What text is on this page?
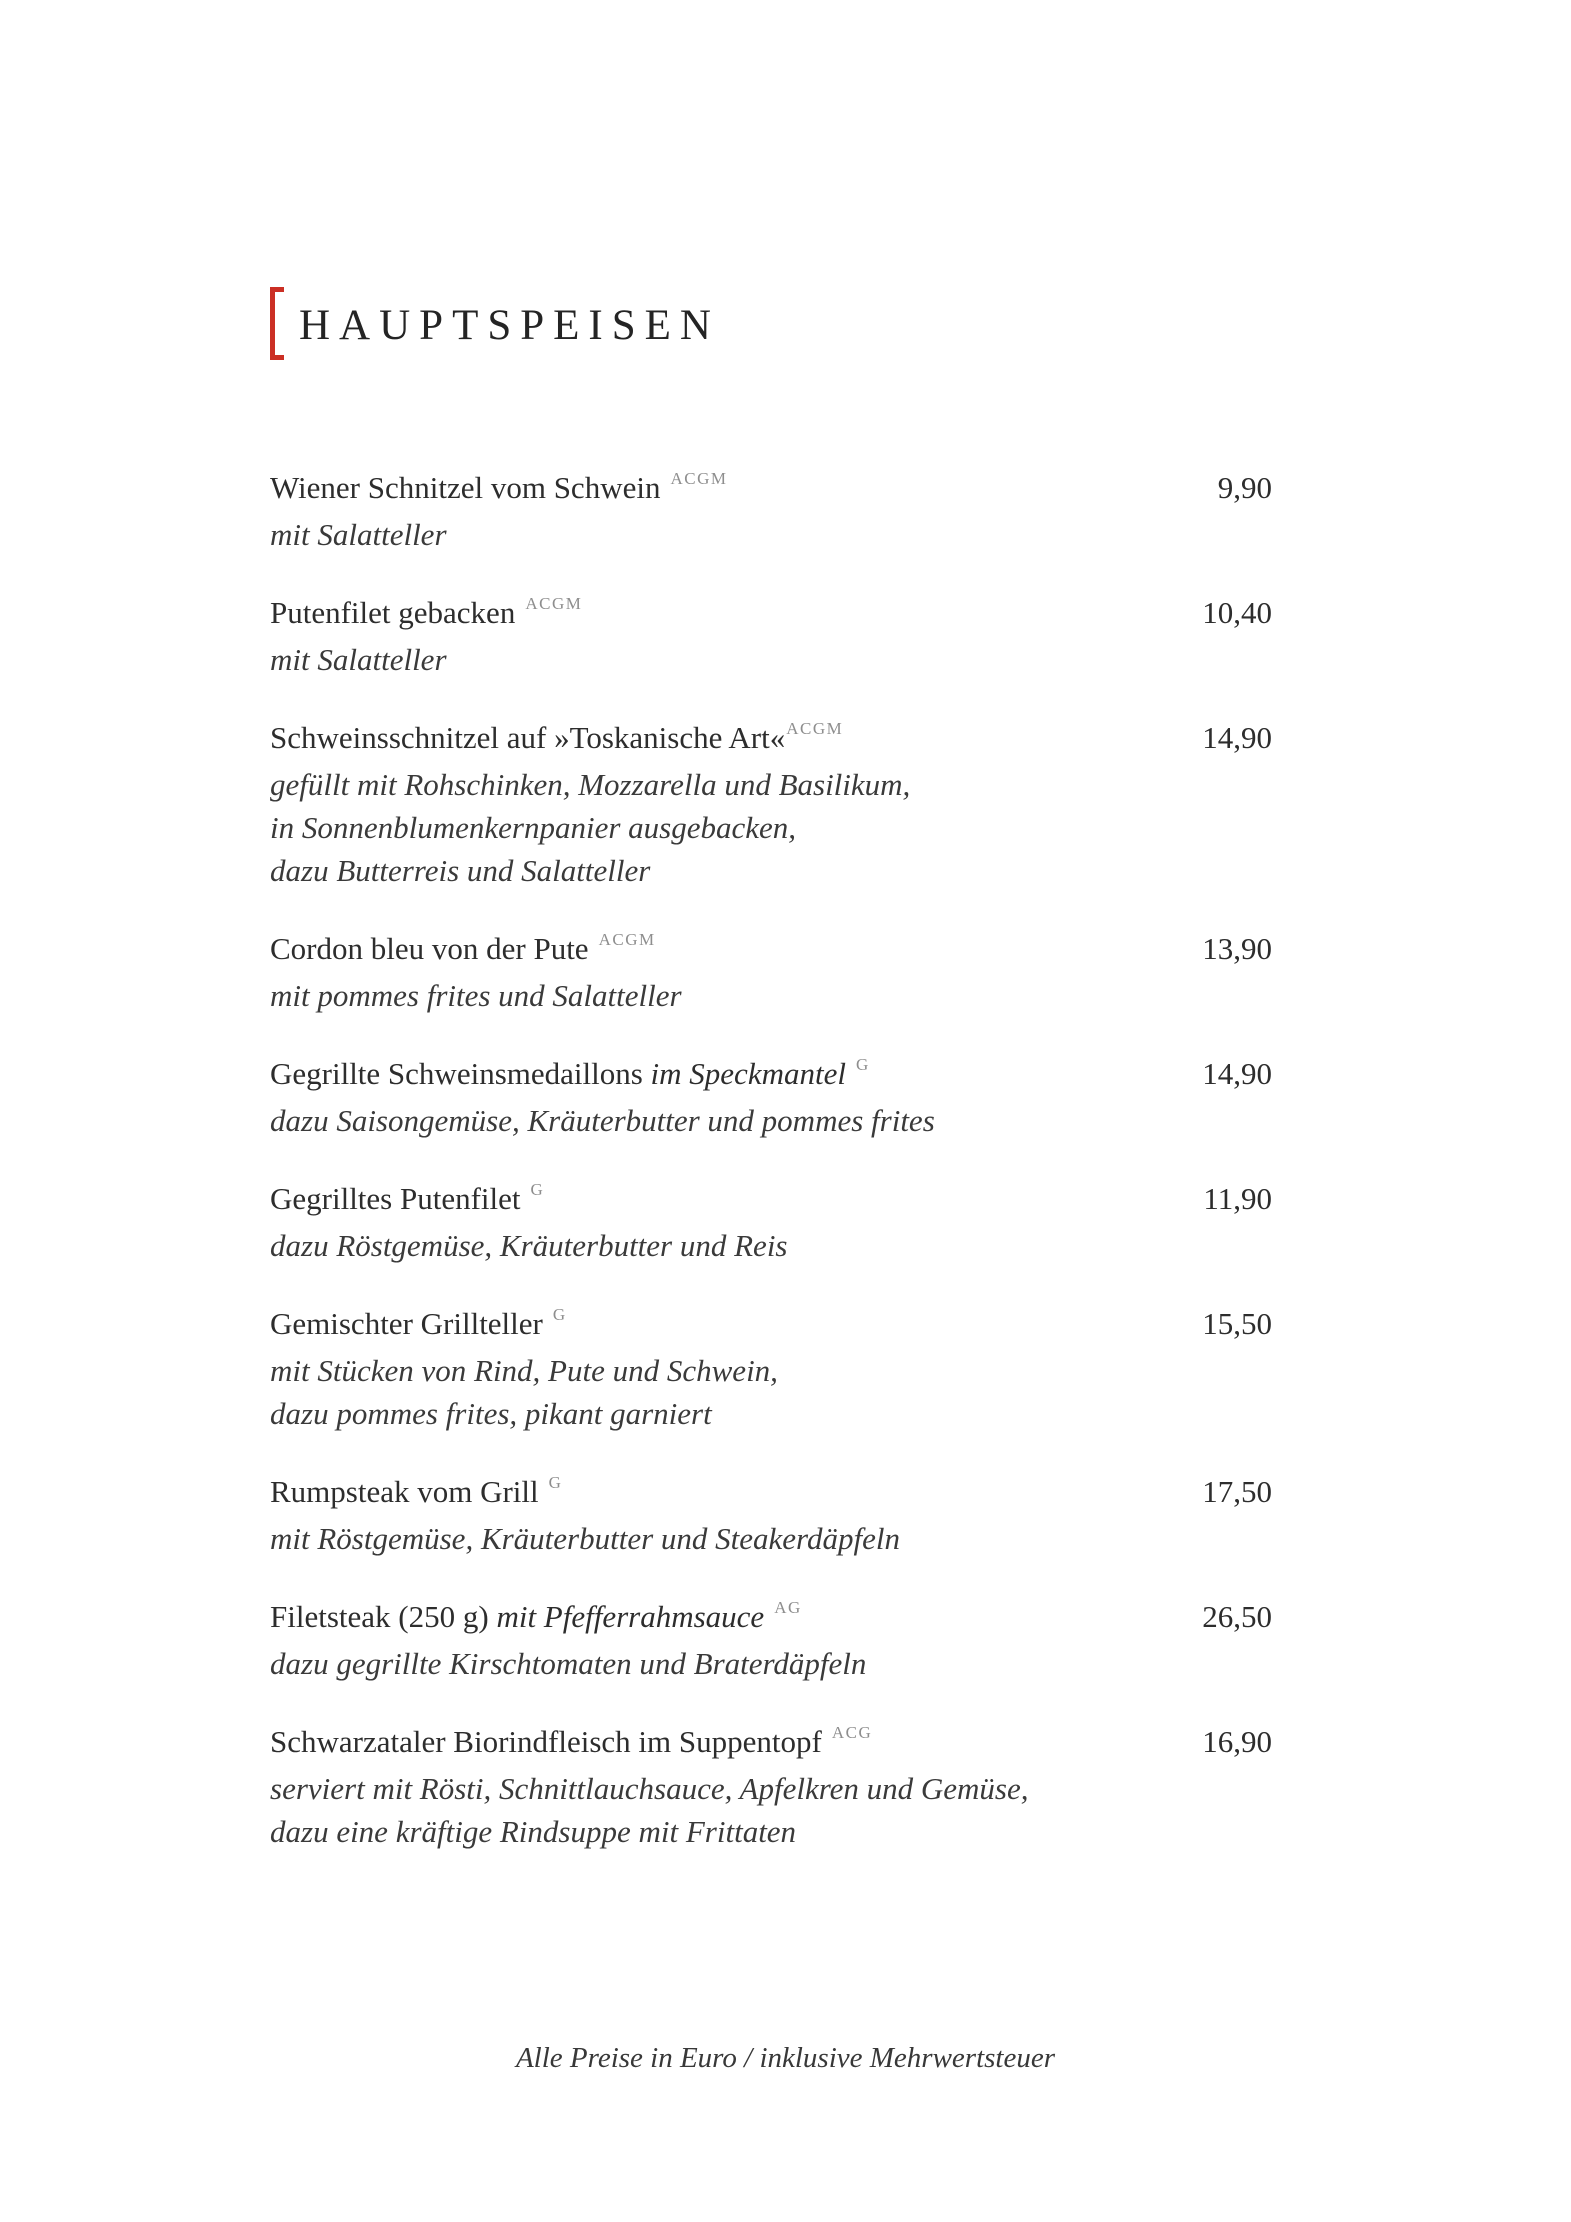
HAUPTSPEISEN
Wiener Schnitzel vom Schwein $^{ACGM}$	9,90
mit Salatteller
Putenfilet gebacken $^{ACGM}$	10,40
mit Salatteller
Schweinsschnitzel auf »Toskanische Art«$^{ACGM}$	14,90
gefüllt mit Rohschinken, Mozzarella und Basilikum,
in Sonnenblumenkernpanier ausgebacken,
dazu Butterreis und Salatteller
Cordon bleu von der Pute $^{ACGM}$	13,90
mit pommes frites und Salatteller
Gegrillte Schweinsmedaillons im Speckmantel $^G$	14,90
dazu Saisongemüse, Kräuterbutter und pommes frites
Gegrilltes Putenfilet $^G$	11,90
dazu Röstgemüse, Kräuterbutter und Reis
Gemischter Grillteller $^G$	15,50
mit Stücken von Rind, Pute und Schwein,
dazu pommes frites, pikant garniert
Rumpsteak vom Grill $^G$	17,50
mit Röstgemüse, Kräuterbutter und Steakerdäpfeln
Filetsteak (250 g) mit Pfefferrahmsauce $^{AG}$	26,50
dazu gegrillte Kirschtomaten und Braterdäpfeln
Schwarzataler Biorindfleisch im Suppentopf $^{ACG}$	16,90
serviert mit Rösti, Schnittlauchsauce, Apfelkren und Gemüse,
dazu eine kräftige Rindsuppe mit Frittaten
Alle Preise in Euro / inklusive Mehrwertsteuer
